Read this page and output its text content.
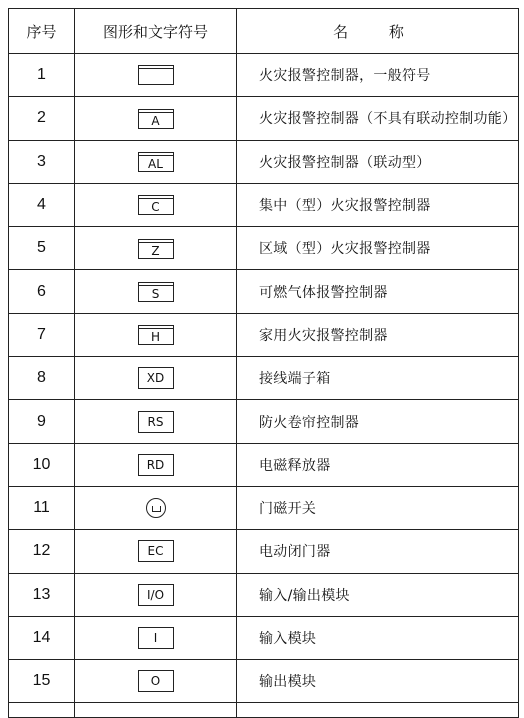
序号	图形和文字符号	名 称
1		火灾报警控制器，一般符号
2	A	火灾报警控制器（不具有联动控制功能）
3	AL	火灾报警控制器（联动型）
4	C	集中（型）火灾报警控制器
5	Z	区域（型）火灾报警控制器
6	S	可燃气体报警控制器
7	H	家用火灾报警控制器
8	XD	接线端子箱
9	RS	防火卷帘控制器
10	RD	电磁释放器
11		门磁开关
12	EC	电动闭门器
13	I/O	输入/输出模块
14	I	输入模块
15	O	输出模块
